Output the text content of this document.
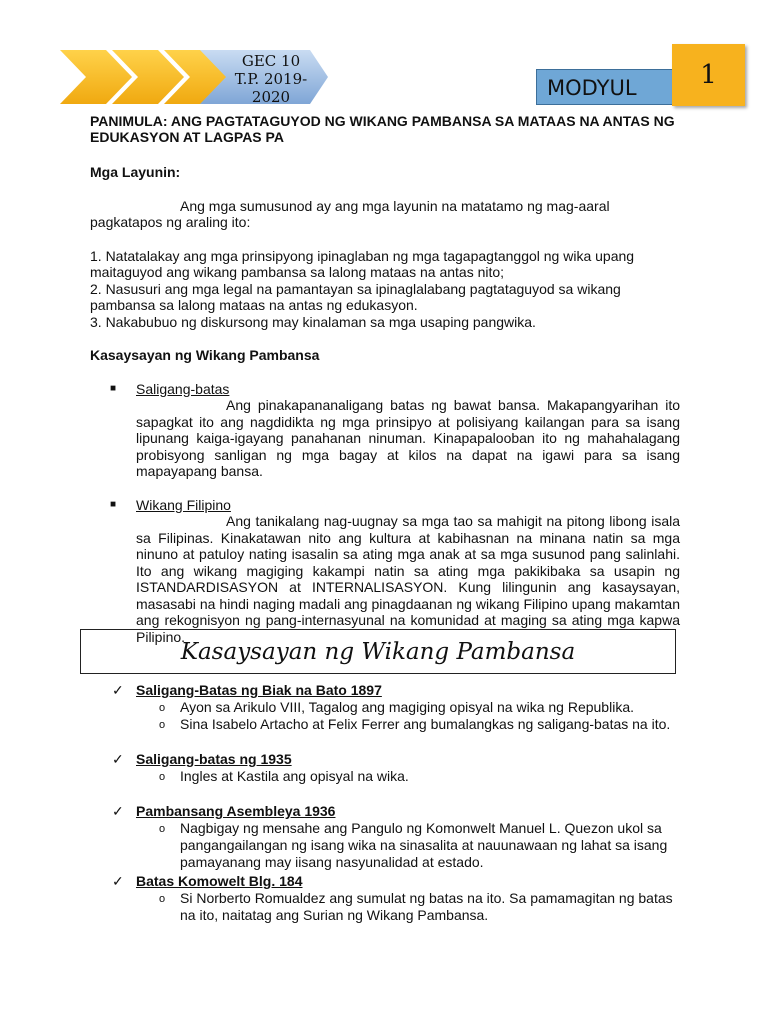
GEC 10
T.P. 2019-2020	MODYUL	1

PANIMULA: ANG PAGTATAGUYOD NG WIKANG PAMBANSA SA MATAAS NA ANTAS NG EDUKASYON AT LAGPAS PA

Mga Layunin:

Ang mga sumusunod ay ang mga layunin na matatamo ng mag-aaral pagkatapos ng araling ito:

1. Natatalakay ang mga prinsipyong ipinaglaban ng mga tagapagtanggol ng wika upang maitaguyod ang wikang pambansa sa lalong mataas na antas nito;

2. Nasusuri ang mga legal na pamantayan sa ipinaglalabang pagtataguyod sa wikang pambansa sa lalong mataas na antas ng edukasyon.

3. Nakabubuo ng diskursong may kinalaman sa mga usaping pangwika.

Kasaysayan ng Wikang Pambansa

■ Saligang-batas

Ang pinakapananaligang batas ng bawat bansa. Makapangyarihan ito sapagkat ito ang nagdidikta ng mga prinsipyo at polisiyang kailangan para sa isang lipunang kaiga-igayang panahanan ninuman. Kinapapalooban ito ng mahahalagang probisyong sanligan ng mga bagay at kilos na dapat na igawi para sa isang mapayapang bansa.

■ Wikang Filipino

Ang tanikalang nag-uugnay sa mga tao sa mahigit na pitong libong isala sa Filipinas. Kinakatawan nito ang kultura at kabihasnan na minana natin sa mga ninuno at patuloy nating isasalin sa ating mga anak at sa mga susunod pang salinlahi. Ito ang wikang magiging kakampi natin sa ating mga pakikibaka sa usapin ng ISTANDARDISASYON at INTERNALISASYON. Kung lilingunin ang kasaysayan, masasabi na hindi naging madali ang pinagdaanan ng wikang Filipino upang makamtan ang rekognisyon ng pang-internasyunal na komunidad at maging sa ating mga kapwa Pilipino.

Kasaysayan ng Wikang Pambansa

✓ Saligang-Batas ng Biak na Bato 1897

o Ayon sa Arikulo VIII, Tagalog ang magiging opisyal na wika ng Republika.

o Sina Isabelo Artacho at Felix Ferrer ang bumalangkas ng saligang-batas na ito.

✓ Saligang-batas ng 1935

o Ingles at Kastila ang opisyal na wika.

✓ Pambansang Asembleya 1936

o Nagbigay ng mensahe ang Pangulo ng Komonwelt Manuel L. Quezon ukol sa pangangailangan ng isang wika na sinasalita at nauunawaan ng lahat sa isang pamayanang may iisang nasyunalidad at estado.

✓ Batas Komowelt Blg. 184

o Si Norberto Romualdez ang sumulat ng batas na ito. Sa pamamagitan ng batas na ito, naitatag ang Surian ng Wikang Pambansa.
